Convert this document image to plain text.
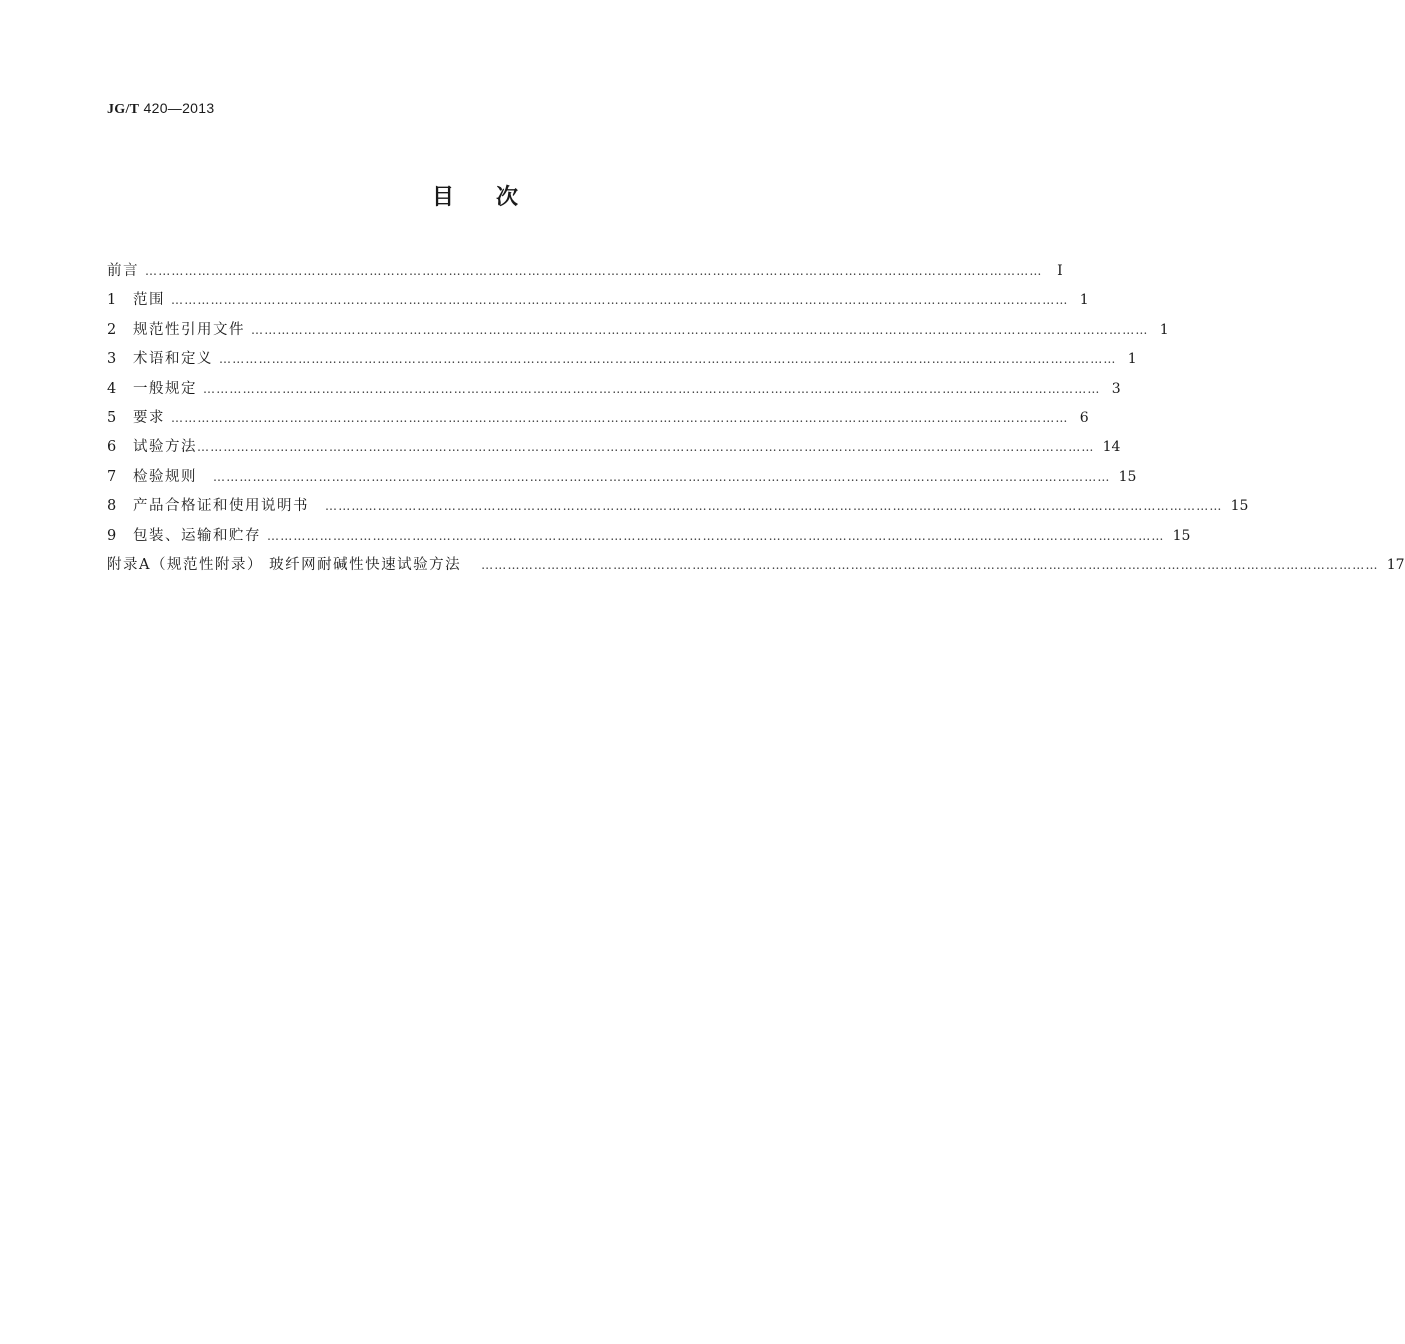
JG/T 420—2013
目次
前言 ……………………………………………………………………………………………………………………………………………………………………………………	Ⅰ
1	范围 …………………………………………………………………………………………………………………………………………………………………………………… 1
2	规范性引用文件 …………………………………………………………………………………………………………………………………………………………………………………… 1
3	术语和定义 …………………………………………………………………………………………………………………………………………………………………………………… 1
4	一般规定 …………………………………………………………………………………………………………………………………………………………………………………… 3
5	要求 …………………………………………………………………………………………………………………………………………………………………………………… 6
6	试验方法 …………………………………………………………………………………………………………………………………………………………………………………… 14
7	检验规则 …………………………………………………………………………………………………………………………………………………………………………………… 15
8	产品合格证和使用说明书 …………………………………………………………………………………………………………………………………………………………………………………… 15
9	包装、运输和贮存 …………………………………………………………………………………………………………………………………………………………………………………… 15
附录A（规范性附录） 玻纤网耐碱性快速试验方法 …………………………………………………………………………………………………………………………………………………………………………………… 17
